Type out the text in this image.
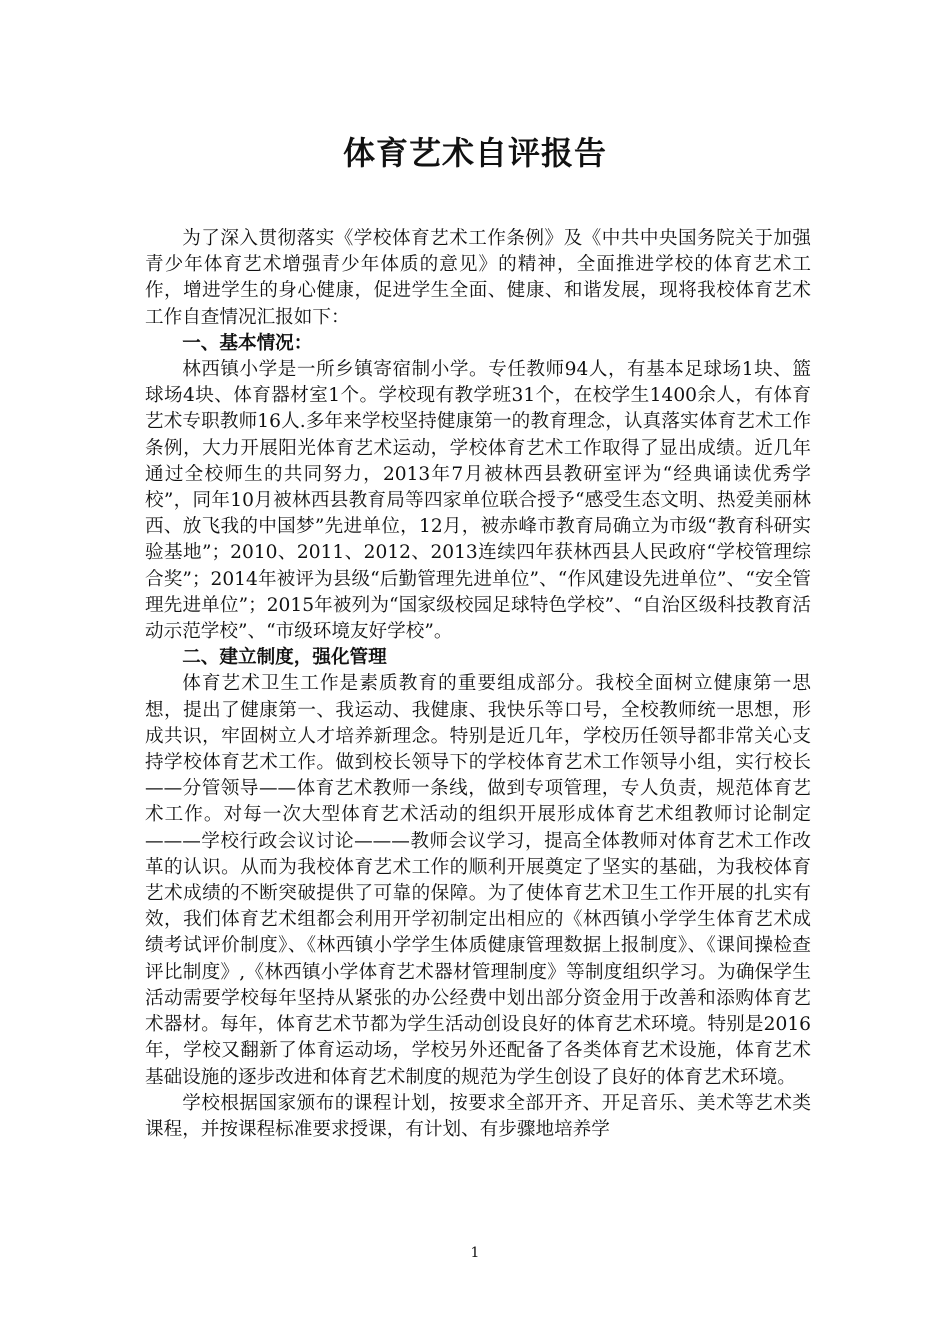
体育艺术自评报告

为了深入贯彻落实《学校体育艺术工作条例》及《中共中央国务院关于加强青少年体育艺术增强青少年体质的意见》的精神，全面推进学校的体育艺术工作，增进学生的身心健康，促进学生全面、健康、和谐发展，现将我校体育艺术工作自查情况汇报如下：

一、基本情况：

林西镇小学是一所乡镇寄宿制小学。专任教师94人，有基本足球场1块、篮球场4块、体育器材室1个。学校现有教学班31个，在校学生1400余人，有体育艺术专职教师16人.多年来学校坚持健康第一的教育理念，认真落实体育艺术工作条例，大力开展阳光体育艺术运动，学校体育艺术工作取得了显出成绩。近几年通过全校师生的共同努力，2013年7月被林西县教研室评为“经典诵读优秀学校”，同年10月被林西县教育局等四家单位联合授予“感受生态文明、热爱美丽林西、放飞我的中国梦”先进单位，12月，被赤峰市教育局确立为市级“教育科研实验基地”；2010、2011、2012、2013连续四年获林西县人民政府“学校管理综合奖”；2014年被评为县级“后勤管理先进单位”、“作风建设先进单位”、“安全管理先进单位”；2015年被列为“国家级校园足球特色学校”、“自治区级科技教育活动示范学校”、“市级环境友好学校”。

二、建立制度，强化管理

体育艺术卫生工作是素质教育的重要组成部分。我校全面树立健康第一思想，提出了健康第一、我运动、我健康、我快乐等口号，全校教师统一思想，形成共识，牢固树立人才培养新理念。特别是近几年，学校历任领导都非常关心支持学校体育艺术工作。做到校长领导下的学校体育艺术工作领导小组，实行校长——分管领导——体育艺术教师一条线，做到专项管理，专人负责，规范体育艺术工作。对每一次大型体育艺术活动的组织开展形成体育艺术组教师讨论制定———学校行政会议讨论———教师会议学习，提高全体教师对体育艺术工作改革的认识。从而为我校体育艺术工作的顺利开展奠定了坚实的基础，为我校体育艺术成绩的不断突破提供了可靠的保障。为了使体育艺术卫生工作开展的扎实有效，我们体育艺术组都会利用开学初制定出相应的《林西镇小学学生体育艺术成绩考试评价制度》、《林西镇小学学生体质健康管理数据上报制度》、《课间操检查评比制度》,《林西镇小学体育艺术器材管理制度》等制度组织学习。为确保学生活动需要学校每年坚持从紧张的办公经费中划出部分资金用于改善和添购体育艺术器材。每年，体育艺术节都为学生活动创设良好的体育艺术环境。特别是2016年，学校又翻新了体育运动场，学校另外还配备了各类体育艺术设施，体育艺术基础设施的逐步改进和体育艺术制度的规范为学生创设了良好的体育艺术环境。

学校根据国家颁布的课程计划，按要求全部开齐、开足音乐、美术等艺术类课程，并按课程标准要求授课，有计划、有步骤地培养学

1
